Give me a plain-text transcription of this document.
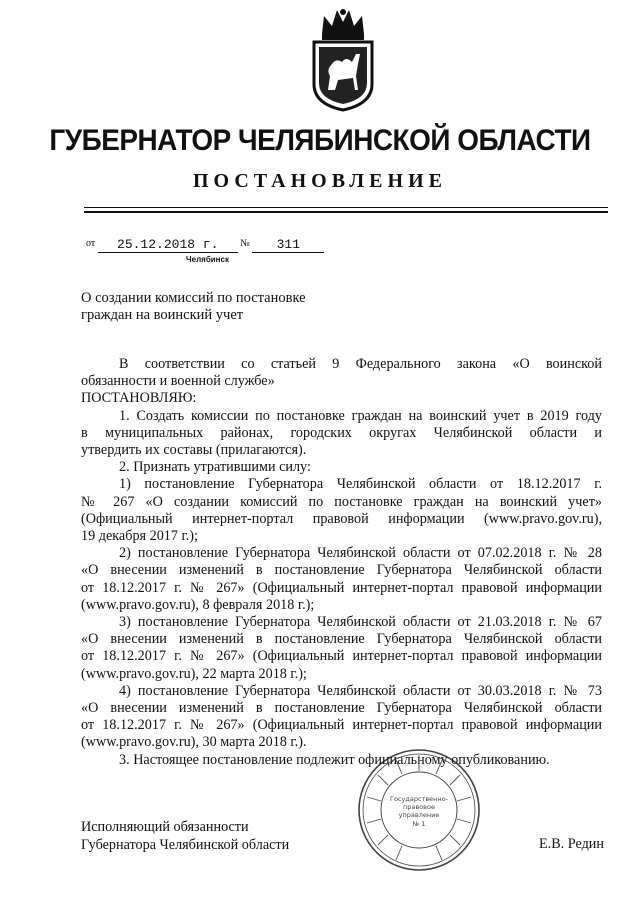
ГУБЕРНАТОР ЧЕЛЯБИНСКОЙ ОБЛАСТИ
ПОСТАНОВЛЕНИЕ
от 25.12.2018 г. № 311
Челябинск
О создании комиссий по постановке
граждан на воинский учет

В соответствии со статьей 9 Федерального закона «О воинской

обязанности и военной службе»

ПОСТАНОВЛЯЮ:

1. Создать комиссии по постановке граждан на воинский учет в 2019 году

в муниципальных районах, городских округах Челябинской области и

утвердить их составы (прилагаются).

2. Признать утратившими силу:

1) постановление Губернатора Челябинской области от 18.12.2017 г.

№ 267 «О создании комиссий по постановке граждан на воинский учет»

(Официальный интернет-портал правовой информации (www.pravo.gov.ru),

19 декабря 2017 г.);

2) постановление Губернатора Челябинской области от 07.02.2018 г. № 28

«О внесении изменений в постановление Губернатора Челябинской области

от 18.12.2017 г. № 267» (Официальный интернет-портал правовой информации

(www.pravo.gov.ru), 8 февраля 2018 г.);

3) постановление Губернатора Челябинской области от 21.03.2018 г. № 67

«О внесении изменений в постановление Губернатора Челябинской области

от 18.12.2017 г. № 267» (Официальный интернет-портал правовой информации

(www.pravo.gov.ru), 22 марта 2018 г.);

4) постановление Губернатора Челябинской области от 30.03.2018 г. № 73

«О внесении изменений в постановление Губернатора Челябинской области

от 18.12.2017 г. № 267» (Официальный интернет-портал правовой информации

(www.pravo.gov.ru), 30 марта 2018 г.).

3. Настоящее постановление подлежит официальному опубликованию.

Исполняющий обязанности
Губернатора Челябинской области	Е.В. Редин
Государственно-
правовое
управление
№ 1
